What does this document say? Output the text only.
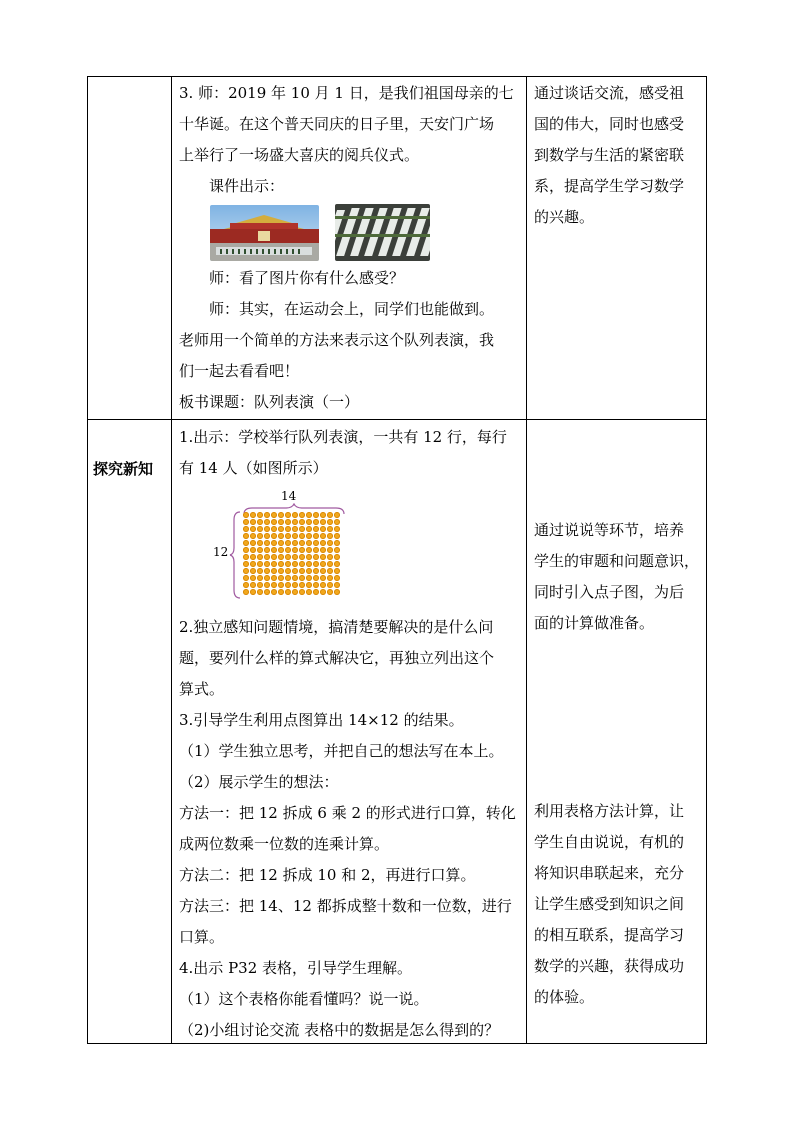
3. 师：2019 年 10 月 1 日，是我们祖国母亲的七

十华诞。在这个普天同庆的日子里，天安门广场

上举行了一场盛大喜庆的阅兵仪式。

课件出示：

师：看了图片你有什么感受？

师：其实，在运动会上，同学们也能做到。

老师用一个简单的方法来表示这个队列表演，我

们一起去看看吧！

板书课题：队列表演（一）

通过谈话交流，感受祖

国的伟大，同时也感受

到数学与生活的紧密联

系，提高学生学习数学

的兴趣。

探究新知

1.出示：学校举行队列表演，一共有 12 行，每行

有 14 人（如图所示）

2.独立感知问题情境，搞清楚要解决的是什么问

题，要列什么样的算式解决它，再独立列出这个

算式。

3.引导学生利用点图算出 14×12 的结果。

（1）学生独立思考，并把自己的想法写在本上。

（2）展示学生的想法：

方法一：把 12 拆成 6 乘 2 的形式进行口算，转化

成两位数乘一位数的连乘计算。

方法二：把 12 拆成 10 和 2，再进行口算。

方法三：把 14、12 都拆成整十数和一位数，进行

口算。

4.出示 P32 表格，引导学生理解。

（1）这个表格你能看懂吗？说一说。

（2)小组讨论交流 表格中的数据是怎么得到的？

14
12

通过说说等环节，培养

学生的审题和问题意识，

同时引入点子图，为后

面的计算做准备。

利用表格方法计算，让

学生自由说说，有机的

将知识串联起来，充分

让学生感受到知识之间

的相互联系，提高学习

数学的兴趣，获得成功

的体验。
